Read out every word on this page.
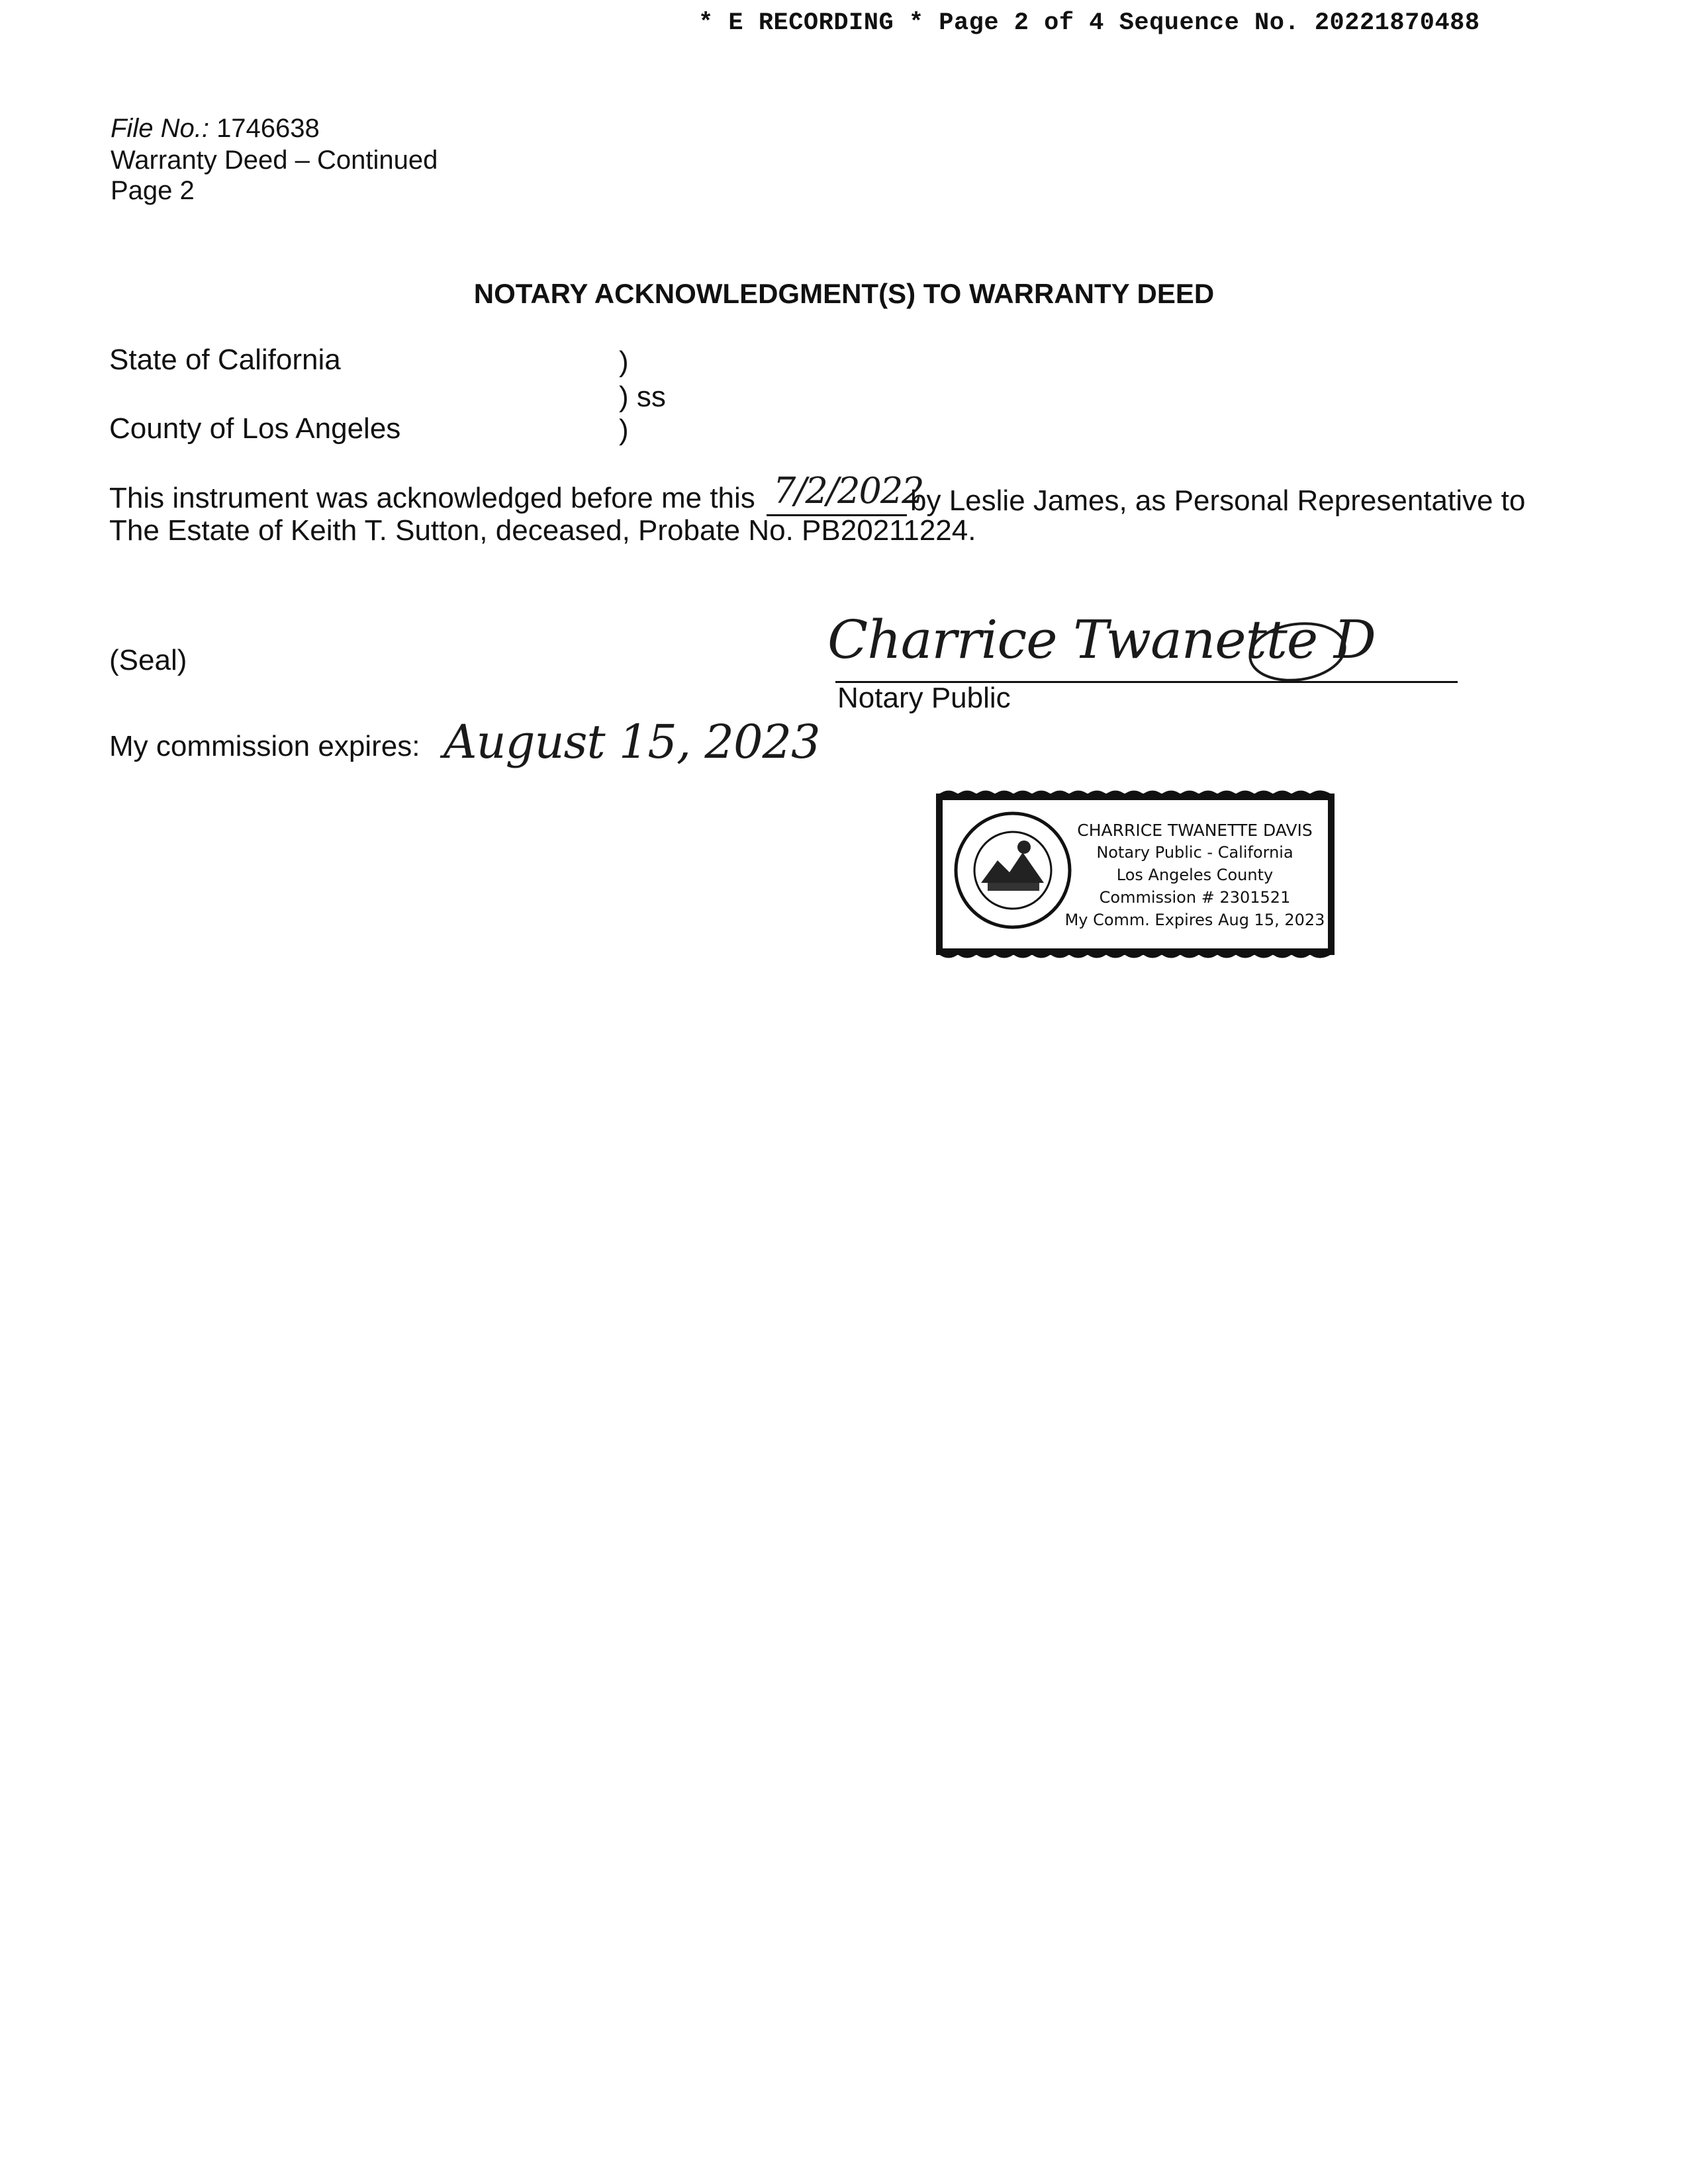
* E RECORDING * Page 2 of 4 Sequence No. 20221870488
File No.: 1746638
Warranty Deed – Continued
Page 2
NOTARY ACKNOWLEDGMENT(S) TO WARRANTY DEED
State of California	)
) ss
County of Los Angeles	)
This instrument was acknowledged before me this 7/2/2022
by Leslie James, as Personal Representative to
The Estate of Keith T. Sutton, deceased, Probate No. PB20211224.
(Seal)	Charrice Twanette D
Notary Public
My commission expires: August 15, 2023
CHARRICE TWANETTE DAVIS
Notary Public - California
Los Angeles County
Commission # 2301521
My Comm. Expires Aug 15, 2023
